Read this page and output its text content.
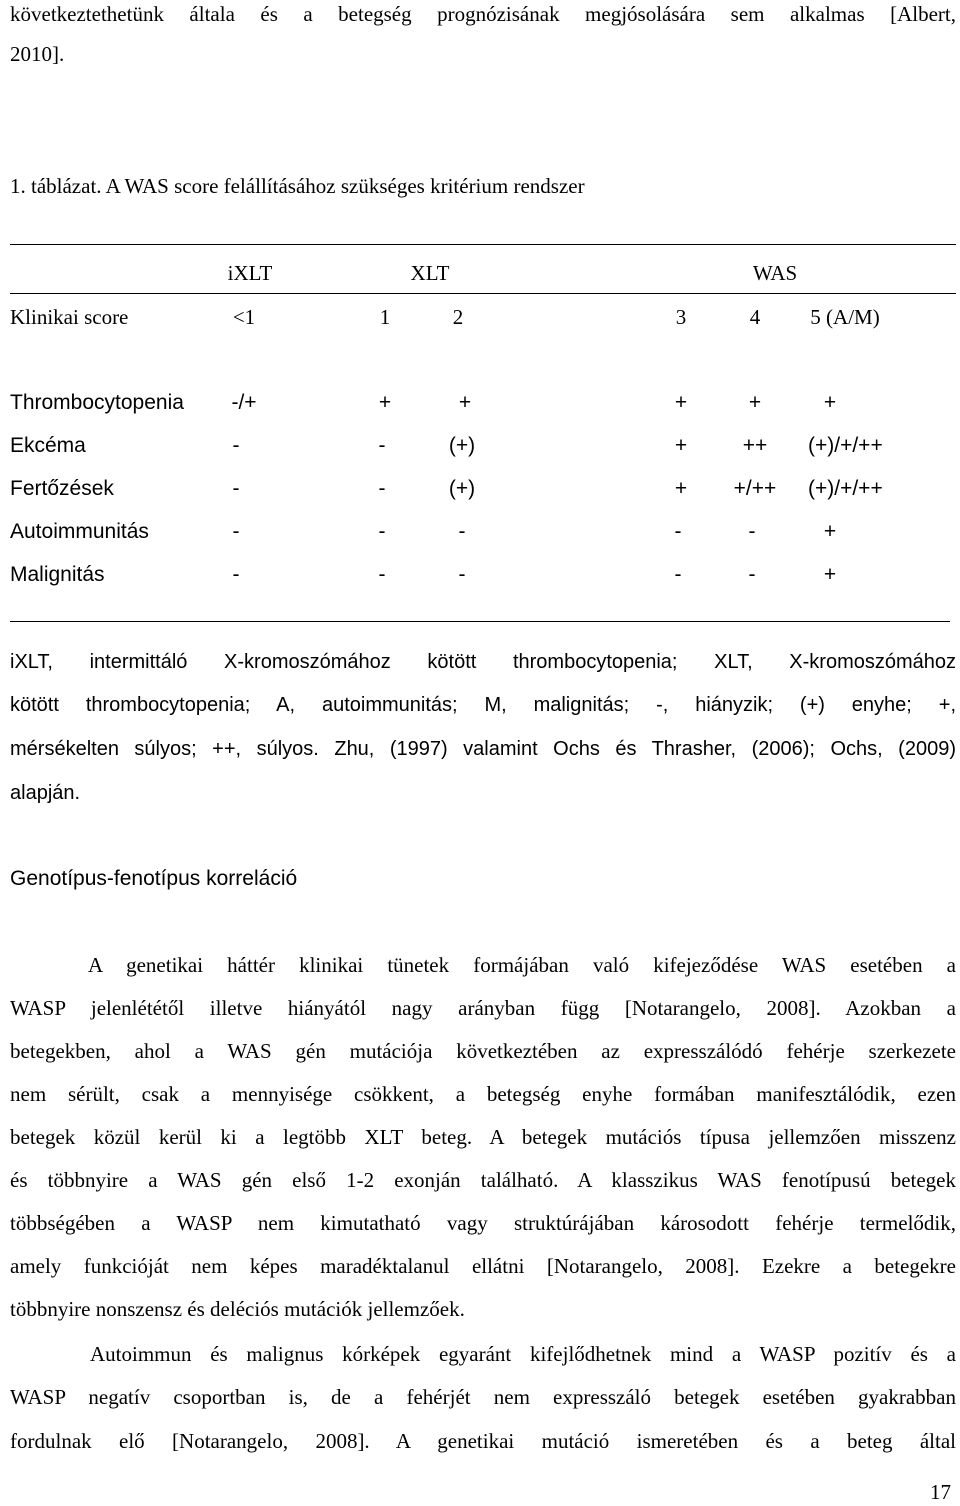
következtethetünk általa és a betegség prognózisának megjósolására sem alkalmas [Albert,
2010].
1. táblázat. A WAS score felállításához szükséges kritérium rendszer
iXLT	XLT	WAS
Klinikai score	<1	1	2	3	4	5 (A/M)
Thrombocytopenia	-/+	+	+	+	+	+
Ekcéma	-	-	(+)	+	++	(+)/+/++
Fertőzések	-	-	(+)	+	+/++	(+)/+/++
Autoimmunitás	-	-	-	-	-	+
Malignitás	-	-	-	-	-	+
iXLT, intermittáló X-kromoszómához kötött thrombocytopenia; XLT, X-kromoszómához
kötött thrombocytopenia; A, autoimmunitás; M, malignitás; -, hiányzik; (+) enyhe; +,
mérsékelten súlyos; ++, súlyos. Zhu, (1997) valamint Ochs és Thrasher, (2006); Ochs, (2009)
alapján.
Genotípus-fenotípus korreláció
A genetikai háttér klinikai tünetek formájában való kifejeződése WAS esetében a
WASP jelenlététől illetve hiányától nagy arányban függ [Notarangelo, 2008]. Azokban a
betegekben, ahol a WAS gén mutációja következtében az expresszálódó fehérje szerkezete
nem sérült, csak a mennyisége csökkent, a betegség enyhe formában manifesztálódik, ezen
betegek közül kerül ki a legtöbb XLT beteg. A betegek mutációs típusa jellemzően misszenz
és többnyire a WAS gén első 1-2 exonján található. A klasszikus WAS fenotípusú betegek
többségében a WASP nem kimutatható vagy struktúrájában károsodott fehérje termelődik,
amely funkcióját nem képes maradéktalanul ellátni [Notarangelo, 2008]. Ezekre a betegekre
többnyire nonszensz és deléciós mutációk jellemzőek.
Autoimmun és malignus kórképek egyaránt kifejlődhetnek mind a WASP pozitív és a
WASP negatív csoportban is, de a fehérjét nem expresszáló betegek esetében gyakrabban
fordulnak elő [Notarangelo, 2008]. A genetikai mutáció ismeretében és a beteg által
17
